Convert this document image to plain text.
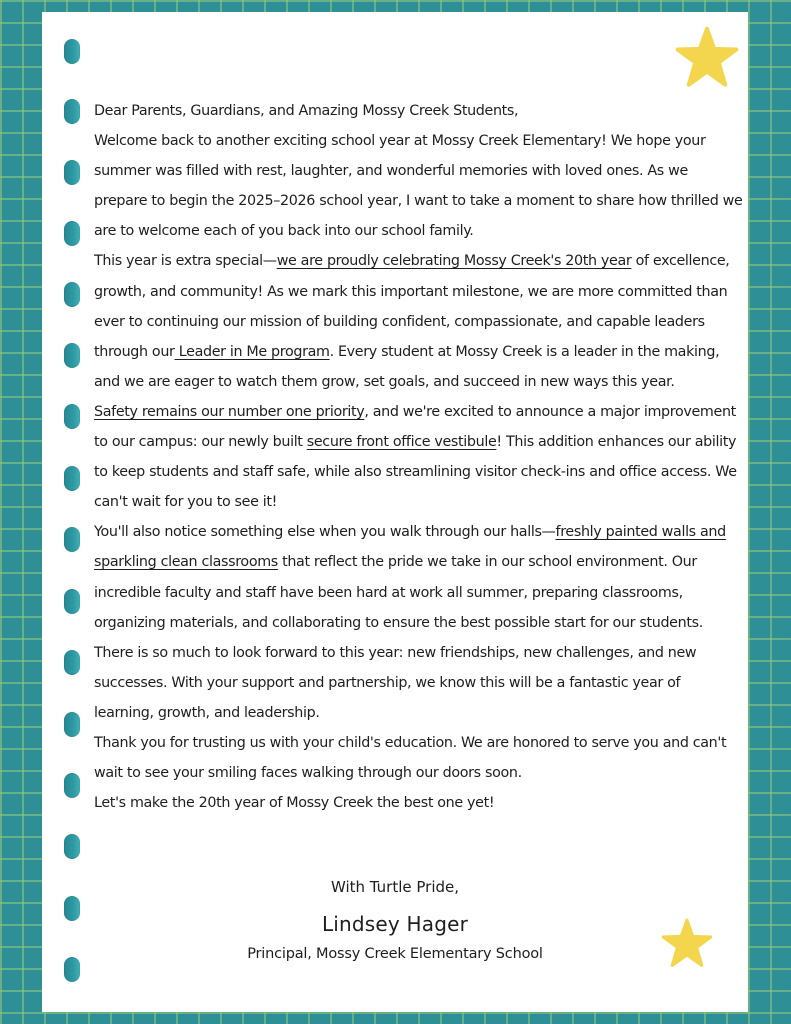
Dear Parents, Guardians, and Amazing Mossy Creek Students,

Welcome back to another exciting school year at Mossy Creek Elementary! We hope your summer was filled with rest, laughter, and wonderful memories with loved ones. As we prepare to begin the 2025–2026 school year, I want to take a moment to share how thrilled we are to welcome each of you back into our school family.

This year is extra special—we are proudly celebrating Mossy Creek's 20th year of excellence, growth, and community! As we mark this important milestone, we are more committed than ever to continuing our mission of building confident, compassionate, and capable leaders through our Leader in Me program. Every student at Mossy Creek is a leader in the making, and we are eager to watch them grow, set goals, and succeed in new ways this year.

Safety remains our number one priority, and we're excited to announce a major improvement to our campus: our newly built secure front office vestibule! This addition enhances our ability to keep students and staff safe, while also streamlining visitor check-ins and office access. We can't wait for you to see it!

You'll also notice something else when you walk through our halls—freshly painted walls and sparkling clean classrooms that reflect the pride we take in our school environment. Our incredible faculty and staff have been hard at work all summer, preparing classrooms, organizing materials, and collaborating to ensure the best possible start for our students.

There is so much to look forward to this year: new friendships, new challenges, and new successes. With your support and partnership, we know this will be a fantastic year of learning, growth, and leadership.

Thank you for trusting us with your child's education. We are honored to serve you and can't wait to see your smiling faces walking through our doors soon.

Let's make the 20th year of Mossy Creek the best one yet!

With Turtle Pride,
Lindsey Hager
Principal, Mossy Creek Elementary School
